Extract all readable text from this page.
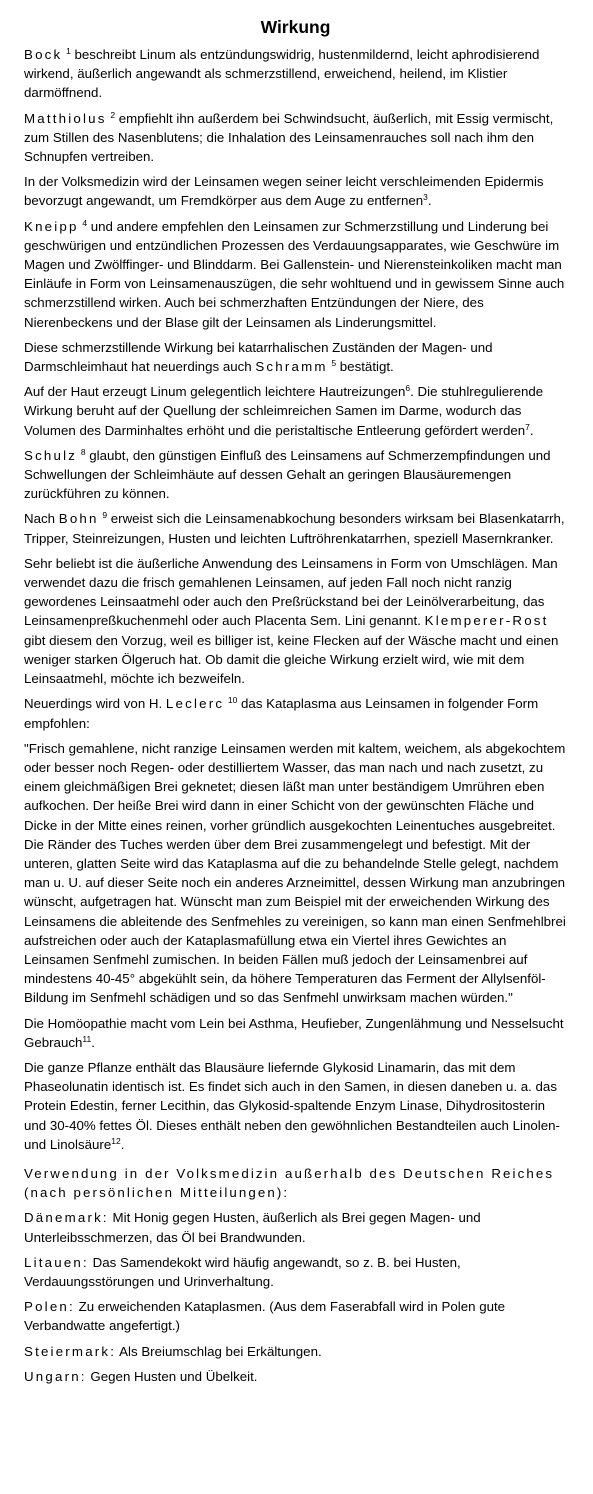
Wirkung

Bock $^1$ beschreibt Linum als entzündungswidrig, hustenmildernd, leicht aphrodisierend wirkend, äußerlich angewandt als schmerzstillend, erweichend, heilend, im Klistier darmöffnend.

Matthiolus $^2$ empfiehlt ihn außerdem bei Schwindsucht, äußerlich, mit Essig vermischt, zum Stillen des Nasenblutens; die Inhalation des Leinsamenrauches soll nach ihm den Schnupfen vertreiben.

In der Volksmedizin wird der Leinsamen wegen seiner leicht verschleimenden Epidermis bevorzugt angewandt, um Fremdkörper aus dem Auge zu entfernen$^3$.

Kneipp $^4$ und andere empfehlen den Leinsamen zur Schmerzstillung und Linderung bei geschwürigen und entzündlichen Prozessen des Verdauungsapparates, wie Geschwüre im Magen und Zwölffinger- und Blinddarm. Bei Gallenstein- und Nierensteinkoliken macht man Einläufe in Form von Leinsamenauszügen, die sehr wohltuend und in gewissem Sinne auch schmerzstillend wirken. Auch bei schmerzhaften Entzündungen der Niere, des Nierenbeckens und der Blase gilt der Leinsamen als Linderungsmittel.

Diese schmerzstillende Wirkung bei katarrhalischen Zuständen der Magen- und Darmschleimhaut hat neuerdings auch Schramm $^5$ bestätigt.

Auf der Haut erzeugt Linum gelegentlich leichtere Hautreizungen$^6$. Die stuhlregulierende Wirkung beruht auf der Quellung der schleimreichen Samen im Darme, wodurch das Volumen des Darminhaltes erhöht und die peristaltische Entleerung gefördert werden$^7$.

Schulz $^8$ glaubt, den günstigen Einfluß des Leinsamens auf Schmerzempfindungen und Schwellungen der Schleimhäute auf dessen Gehalt an geringen Blausäuremengen zurückführen zu können.

Nach Bohn $^9$ erweist sich die Leinsamenabkochung besonders wirksam bei Blasenkatarrh, Tripper, Steinreizungen, Husten und leichten Luftröhrenkatarrhen, speziell Masernkranker.

Sehr beliebt ist die äußerliche Anwendung des Leinsamens in Form von Umschlägen. Man verwendet dazu die frisch gemahlenen Leinsamen, auf jeden Fall noch nicht ranzig gewordenes Leinsaatmehl oder auch den Preßrückstand bei der Leinölverarbeitung, das Leinsamenpreßkuchenmehl oder auch Placenta Sem. Lini genannt. Klemperer-Rost gibt diesem den Vorzug, weil es billiger ist, keine Flecken auf der Wäsche macht und einen weniger starken Ölgeruch hat. Ob damit die gleiche Wirkung erzielt wird, wie mit dem Leinsaatmehl, möchte ich bezweifeln.

Neuerdings wird von H. Leclerc $^{10}$ das Kataplasma aus Leinsamen in folgender Form empfohlen:

"Frisch gemahlene, nicht ranzige Leinsamen werden mit kaltem, weichem, als abgekochtem oder besser noch Regen- oder destilliertem Wasser, das man nach und nach zusetzt, zu einem gleichmäßigen Brei geknetet; diesen läßt man unter beständigem Umrühren eben aufkochen. Der heiße Brei wird dann in einer Schicht von der gewünschten Fläche und Dicke in der Mitte eines reinen, vorher gründlich ausgekochten Leinentuches ausgebreitet. Die Ränder des Tuches werden über dem Brei zusammengelegt und befestigt. Mit der unteren, glatten Seite wird das Kataplasma auf die zu behandelnde Stelle gelegt, nachdem man u. U. auf dieser Seite noch ein anderes Arzneimittel, dessen Wirkung man anzubringen wünscht, aufgetragen hat. Wünscht man zum Beispiel mit der erweichenden Wirkung des Leinsamens die ableitende des Senfmehles zu vereinigen, so kann man einen Senfmehlbrei aufstreichen oder auch der Kataplasmafüllung etwa ein Viertel ihres Gewichtes an Leinsamen Senfmehl zumischen. In beiden Fällen muß jedoch der Leinsamenbrei auf mindestens 40-45° abgekühlt sein, da höhere Temperaturen das Ferment der Allylsenföl-Bildung im Senfmehl schädigen und so das Senfmehl unwirksam machen würden."

Die Homöopathie macht vom Lein bei Asthma, Heufieber, Zungenlähmung und Nesselsucht Gebrauch$^{11}$.

Die ganze Pflanze enthält das Blausäure liefernde Glykosid Linamarin, das mit dem Phaseolunatin identisch ist. Es findet sich auch in den Samen, in diesen daneben u. a. das Protein Edestin, ferner Lecithin, das Glykosid-spaltende Enzym Linase, Dihydrositosterin und 30-40% fettes Öl. Dieses enthält neben den gewöhnlichen Bestandteilen auch Linolen- und Linolsäure$^{12}$.

Verwendung in der Volksmedizin außerhalb des Deutschen Reiches (nach persönlichen Mitteilungen):

Dänemark: Mit Honig gegen Husten, äußerlich als Brei gegen Magen- und Unterleibsschmerzen, das Öl bei Brandwunden.

Litauen: Das Samendekokt wird häufig angewandt, so z. B. bei Husten, Verdauungsstörungen und Urinverhaltung.

Polen: Zu erweichenden Kataplasmen. (Aus dem Faserabfall wird in Polen gute Verbandwatte angefertigt.)

Steiermark: Als Breiumschlag bei Erkältungen.

Ungarn: Gegen Husten und Übelkeit.
